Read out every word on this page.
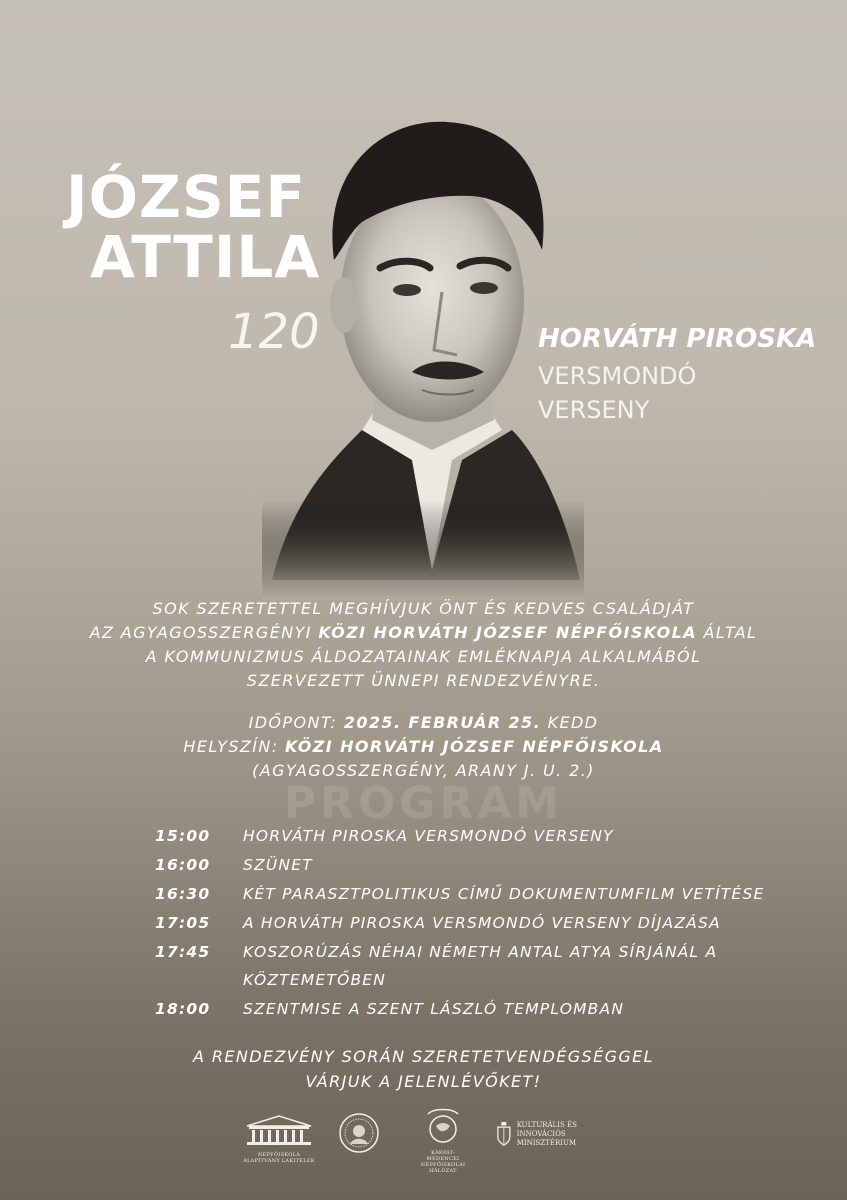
JÓZSEF
ATTILA
120	HORVÁTH PIROSKA
VERSMONDÓ
VERSENY
SOK SZERETETTEL MEGHÍVJUK ÖNT ÉS KEDVES CSALÁDJÁT
AZ AGYAGOSSZERGÉNYI KÖZI HORVÁTH JÓZSEF NÉPFŐISKOLA ÁLTAL
A KOMMUNIZMUS ÁLDOZATAINAK EMLÉKNAPJA ALKALMÁBÓL
SZERVEZETT ÜNNEPI RENDEZVÉNYRE.
IDŐPONT: 2025. FEBRUÁR 25. KEDD
HELYSZÍN: KÖZI HORVÁTH JÓZSEF NÉPFŐISKOLA
(AGYAGOSSZERGÉNY, ARANY J. U. 2.)
PROGRAM
15:00	HORVÁTH PIROSKA VERSMONDÓ VERSENY
16:00	SZÜNET
16:30	KÉT PARASZTPOLITIKUS CÍMŰ DOKUMENTUMFILM VETÍTÉSE
17:05	A HORVÁTH PIROSKA VERSMONDÓ VERSENY DÍJAZÁSA
17:45	KOSZORÚZÁS NÉHAI NÉMETH ANTAL ATYA SÍRJÁNÁL A
KÖZTEMETŐBEN
18:00	SZENTMISE A SZENT LÁSZLÓ TEMPLOMBAN
A RENDEZVÉNY SORÁN SZERETETVENDÉGSÉGGEL
VÁRJUK A JELENLÉVŐKET!
NÉPFŐISKOLA ALAPÍTVÁNY LAKITELEK
KÁRPÁT-MEDENCEI NÉPFŐISKOLAI HÁLÓZAT
KULTURÁLIS ÉS INNOVÁCIÓS
MINISZTÉRIUM
